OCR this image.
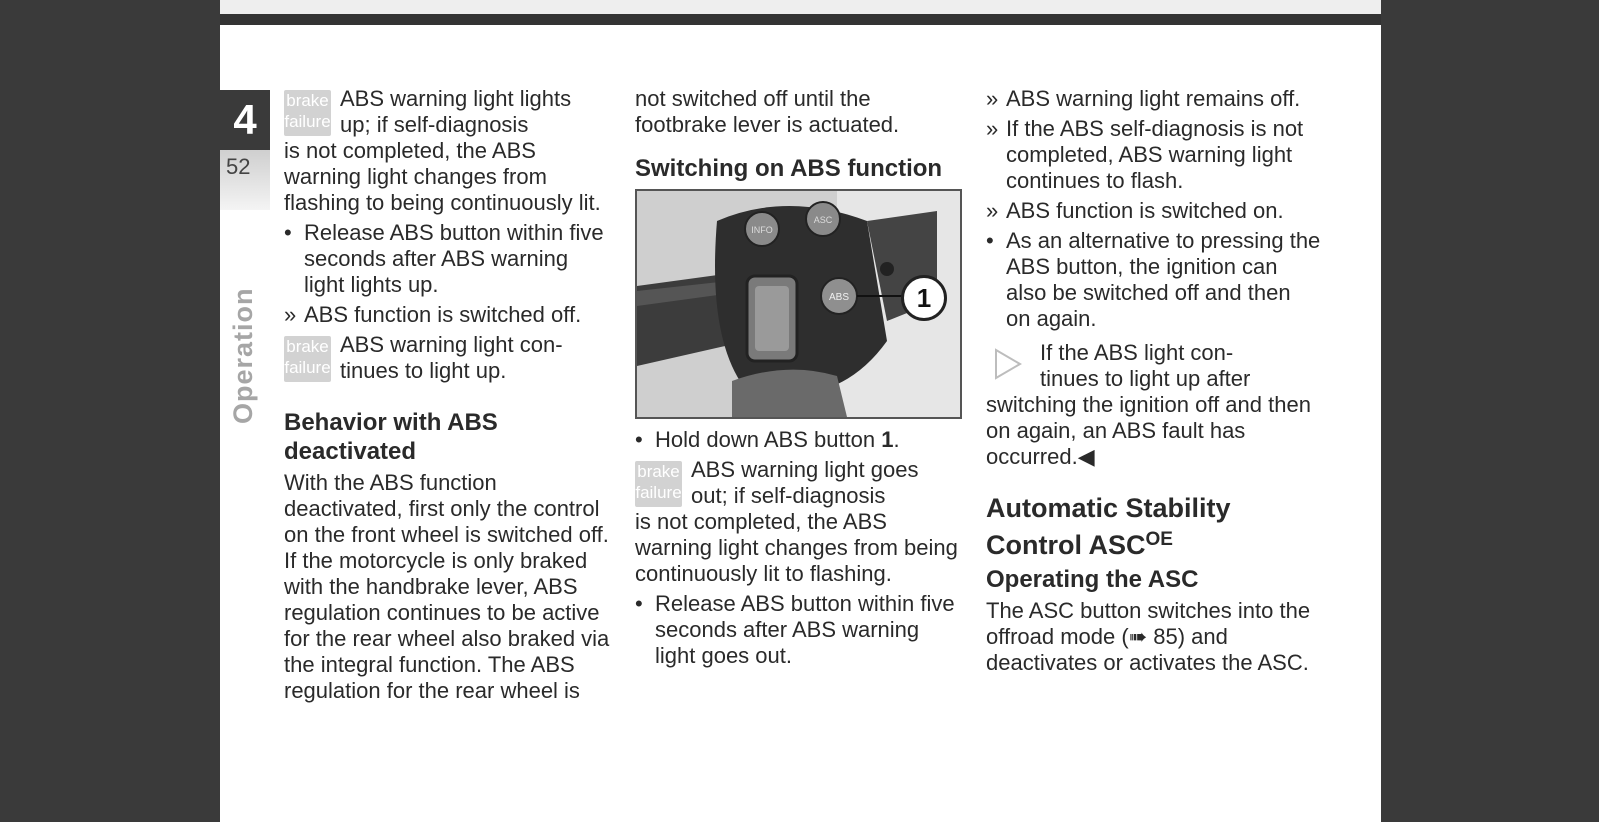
4
52
Operation
brake
failure
ABS warning light lights
up; if self-diagnosis
is not completed, the ABS warning light changes from flashing to being continuously lit.
• Release ABS button within five seconds after ABS warning light lights up.
» ABS function is switched off.
brake
failure
ABS warning light con-
tinues to light up.
Behavior with ABS deactivated

With the ABS function deactivated, first only the control on the front wheel is switched off. If the motorcycle is only braked with the handbrake lever, ABS regulation continues to be active for the rear wheel also braked via the integral function. The ABS regulation for the rear wheel is

not switched off until the footbrake lever is actuated.

Switching on ABS function
INFO
ASC
ABS	1
• Hold down ABS button 1.
brake
failure
ABS warning light goes
out; if self-diagnosis
is not completed, the ABS warning light changes from being continuously lit to flashing.
• Release ABS button within five seconds after ABS warning light goes out.
» ABS warning light remains off.
» If the ABS self-diagnosis is not completed, ABS warning light continues to flash.
» ABS function is switched on.
• As an alternative to pressing the ABS button, the ignition can also be switched off and then on again.
If the ABS light con-
tinues to light up after
switching the ignition off and then on again, an ABS fault has occurred.◀
Automatic Stability Control $ASC^{OE}$
Operating the ASC

The ASC button switches into the offroad mode (➠ 85) and deactivates or activates the ASC.
